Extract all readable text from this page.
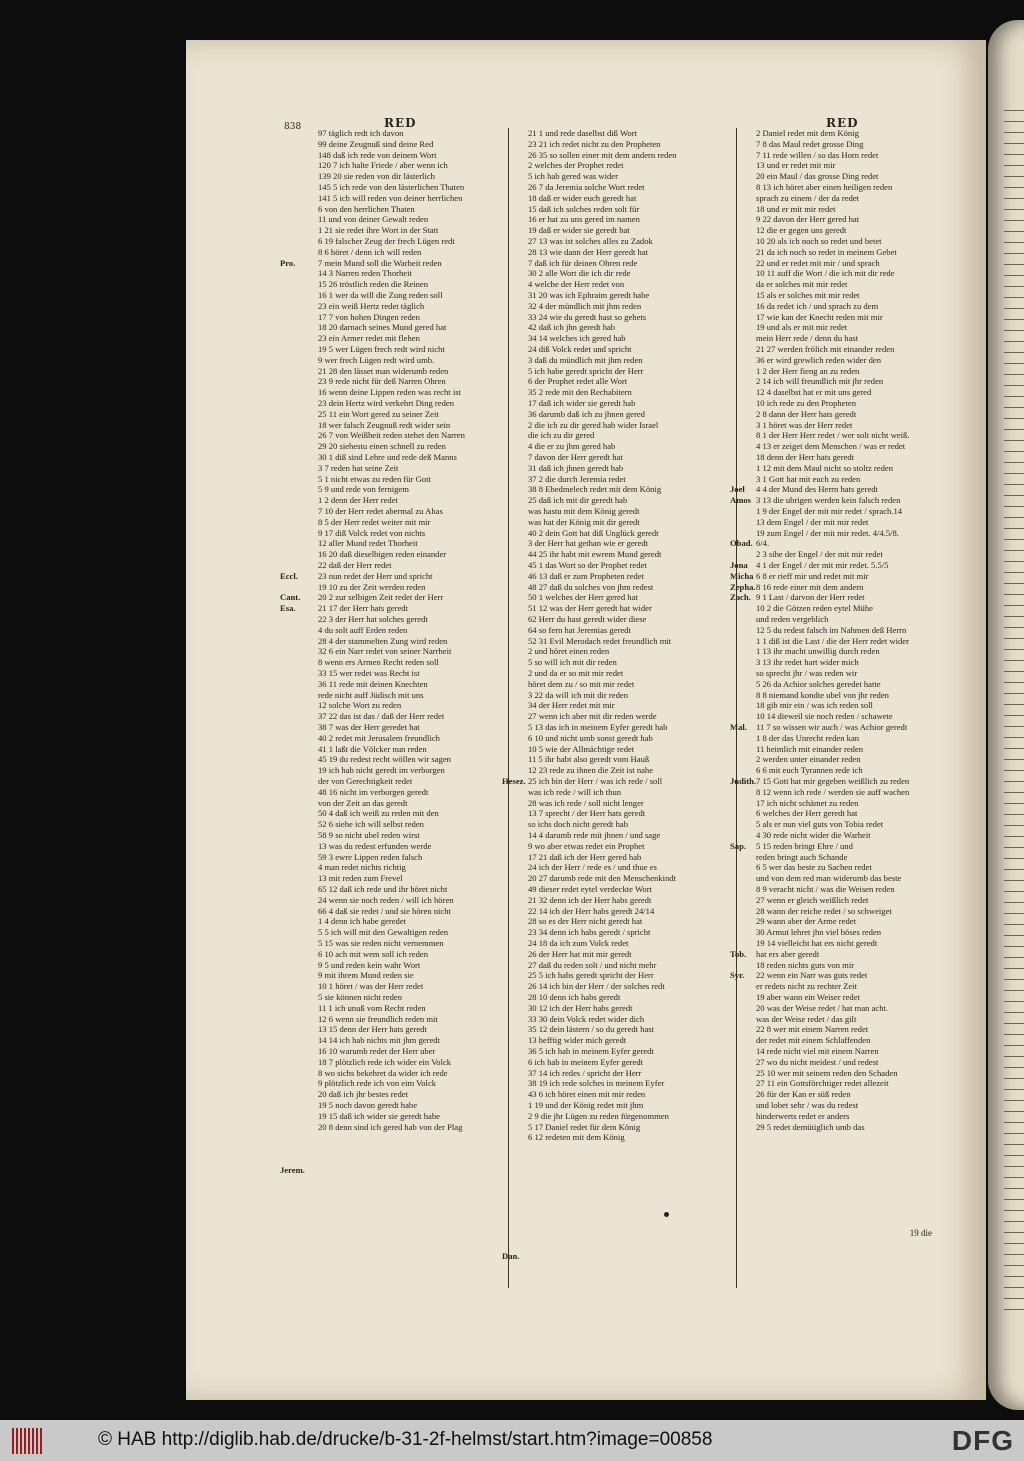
838	RED	RED
97 täglich redt ich davon
99 deine Zeugnuß sind deine Red
148 daß ich rede von deinem Wort
120 7 ich halte Friede / aber wenn ich
139 20 sie reden von dir lästerlich
145 5 ich rede von den lästerlichen Thaten
141 5 ich will reden von deiner herrlichen
6 von den herrlichen Thaten
11 und von deiner Gewalt reden
1 21 sie redet ihre Wort in der Statt
6 19 falscher Zeug der frech Lügen redt
8 6 höret / denn ich will reden
7 mein Mund soll die Warheit reden
14 3 Narren reden Thorheit
15 26 tröstlich reden die Reinen
16 1 wer da will die Zung reden soll
23 ein weiß Hertz redet täglich
17 7 von hohen Dingen reden
18 20 darnach seines Mund gered hat
23 ein Armer redet mit flehen
19 5 wer Lügen frech redt wird nicht
9 wer frech Lügen redt wird umb.
21 28 den lässet man widerumb reden
23 9 rede nicht für deß Narren Ohren
16 wenn deine Lippen reden was recht ist
23 dein Hertz wird verkehrt Ding reden
25 11 ein Wort gered zu seiner Zeit
18 wer falsch Zeugnuß redt wider sein
26 7 von Weißheit reden stehet den Narren
29 20 siehestu einen schnell zu reden
30 1 diß sind Lehre und rede deß Manns
3 7 reden hat seine Zeit
5 1 nicht etwas zu reden für Gott
5 9 und rede von fernigem
1 2 denn der Herr redet
7 10 der Herr redet abermal zu Ahas
8 5 der Herr redet weiter mit mir
9 17 diß Volck redet von nichts
12 aller Mund redet Thorheit
16 20 daß dieselbigen reden einander
22 daß der Herr redet
23 nun redet der Herr und spricht
19 10 zu der Zeit werden reden
20 2 zur selbigen Zeit redet der Herr
21 17 der Herr hats geredt
22 3 der Herr hat solches geredt
4 du solt auff Erden reden
28 4 der stammelten Zung wird reden
32 6 ein Narr redet von seiner Narrheit
8 wenn ers Armen Recht reden soll
33 15 wer redet was Recht ist
36 11 rede mit deinen Knechten
rede nicht auff Jüdisch mit uns
12 solche Wort zu reden
37 22 das ist das / daß der Herr redet
38 7 was der Herr geredet hat
40 2 redet mit Jerusalem freundlich
41 1 laßt die Völcker nun reden
45 19 du redest recht wöllen wir sagen
19 ich hab nicht geredt im verborgen
der von Gerechtigkeit redet
48 16 nicht im verborgen geredt
von der Zeit an das geredt
50 4 daß ich weiß zu reden mit den
52 6 siehe ich will selbst reden
58 9 so nicht ubel reden wirst
13 was du redest erfunden werde
59 3 ewre Lippen reden falsch
4 man redet nichts richtig
13 mit reden zum Frevel
65 12 daß ich rede und ihr höret nicht
24 wenn sie noch reden / will ich hören
66 4 daß sie redet / und sie hören nicht
1 4 denn ich habe geredet
5 5 ich will mit den Gewaltigen reden
5 15 was sie reden nicht vernemmen
6 10 ach mit wem soll ich reden
9 5 und reden kein wahr Wort
9 mit ihrem Mund reden sie
10 1 höret / was der Herr redet
5 sie können nicht reden
11 1 ich unuß vom Recht reden
12 6 wenn sie freundlich reden mit
13 15 denn der Herr hats geredt
14 14 ich hab nichts mit jhm geredt
16 10 warumb redet der Herr uber
18 7 plötzlich rede ich wider ein Volck
8 wo sichs bekehret da wider ich rede
9 plötzlich rede ich von eim Volck
20 daß ich jhr bestes redet
19 5 noch davon geredt habe
19 15 daß ich wider sie geredt habe
20 8 denn sind ich gered hab von der Plag
Pro.
Eccl.
Cant.
Esa.
Jerem.
21 1 und rede daselbst diß Wort
23 21 ich redet nicht zu den Propheten
26 35 so sollen einer mit dem andern reden
2 welches der Prophet redet
5 ich hab gered was wider
26 7 da Jeremia solche Wort redet
18 daß er wider euch geredt hat
15 daß ich solches reden solt für
16 er hat zu uns gered im namen
19 daß er wider sie geredt hat
27 13 was ist solches alles zu Zadok
28 13 wie dann der Herr geredt hat
7 daß ich für deinen Ohren rede
30 2 alle Wort die ich dir rede
4 welche der Herr redet von
31 20 was ich Ephraim geredt habe
32 4 der mündlich mit jhm reden
33 24 wie du geredt hast so gehets
42 daß ich jhn geredt hab
34 14 welches ich gered hab
24 diß Volck redet und spricht
3 daß du mündlich mit jhm reden
5 ich habe geredt spricht der Herr
6 der Prophet redet alle Wort
35 2 rede mit den Rechabitern
17 daß ich wider sie geredt hab
36 darumb daß ich zu jhnen gered
2 die ich zu dir gered hab wider Israel
die ich zu dir gered
4 die er zu jhm gered hab
7 davon der Herr geredt hat
31 daß ich jhnen geredt hab
37 2 die durch Jeremia redet
38 8 Ebedmelech redet mit dem König
25 daß ich mit dir geredt hab
was hastu mit dem König geredt
was hat der König mit dir geredt
40 2 dein Gott hat diß Unglück geredt
3 der Herr hat gethan wie er geredt
44 25 ihr habt mit ewrem Mund geredt
45 1 das Wort so der Prophet redet
46 13 daß er zum Propheten redet
48 27 daß du solches von jhm redest
50 1 welches der Herr gered hat
51 12 was der Herr geredt hat wider
62 Herr du hast geredt wider diese
64 so fern hat Jeremias geredt
52 31 Evil Merodach redet freundlich mit
2 und höret einen reden
5 so will ich mit dir reden
2 und da er so mit mir redet
höret dem zu / so mit mir redet
3 22 da will ich mit dir reden
34 der Herr redet mit mir
27 wenn ich aber mit dir reden werde
5 13 das ich in meinem Eyfer geredt hab
6 10 und nicht umb sonst geredt hab
10 5 wie der Allmächtige redet
11 5 ihr habt also geredt vom Hauß
12 23 rede zu ihnen die Zeit ist nahe
25 ich bin der Herr / was ich rede / soll
was ich rede / will ich thun
28 was ich rede / soll nicht lenger
13 7 sprecht / der Herr hats geredt
so ichs doch nicht geredt hab
14 4 darumb rede mit jhnen / und sage
9 wo aber etwas redet ein Prophet
17 21 daß ich der Herr gered hab
24 ich der Herr / rede es / und thue es
20 27 darumb rede mit den Menschenkindt
49 dieser redet eytel verdeckte Wort
21 32 denn ich der Herr habs geredt
22 14 ich der Herr habs geredt 24/14
28 so es der Herr nicht geredt hat
23 34 denn ich habs geredt / spricht
24 18 da ich zum Volck redet
26 der Herr hat mit mir geredt
27 daß du reden solt / und nicht mehr
25 5 ich habs geredt spricht der Herr
26 14 ich bin der Herr / der solches redt
28 10 denn ich habs geredt
30 12 ich der Herr habs geredt
33 30 dein Volck redet wider dich
35 12 dein lästern / so du geredt hast
13 hefftig wider mich geredt
36 5 ich hab in meinem Eyfer geredt
6 ich hab in meinem Eyfer geredt
37 14 ich redes / spricht der Herr
38 19 ich rede solches in meinem Eyfer
43 6 ich höret einen mit mir reden
1 19 und der König redet mit jhm
2 9 die jhr Lügen zu reden fürgenommen
5 17 Daniel redet für dem König
6 12 redeten mit dem König
Hesez.
Dan.
2 Daniel redet mit dem König
7 8 das Maul redet grosse Ding
7 11 rede willen / so das Horn redet
13 und er redet mit mir
20 ein Maul / das grosse Ding redet
8 13 ich höret aber einen heiligen reden
sprach zu einem / der da redet
18 und er mit mir redet
9 22 davon der Herr gered hat
12 die er gegen uns geredt
10 20 als ich noch so redet und betet
21 da ich noch so redet in meinem Gebet
22 und er redet mit mir / und sprach
10 11 auff die Wort / die ich mit dir rede
da er solches mit mir redet
15 als er solches mit mir redet
16 da redet ich / und sprach zu dem
17 wie kan der Knecht reden mit mir
19 und als er mit mir redet
mein Herr rede / denn du hast
21 27 werden frölich mit einander reden
36 er wird grewlich reden wider den
1 2 der Herr fieng an zu reden
2 14 ich will freundlich mit jhr reden
12 4 daselbst hat er mit uns gered
10 ich rede zu den Propheten
2 8 dann der Herr hats geredt
3 1 höret was der Herr redet
8 1 der Herr Herr redet / wer solt nicht weiß.
4 13 er zeiget dem Menschen / was er redet
18 denn der Herr hats geredt
1 12 mit dem Maul nicht so stoltz reden
3 1 Gott hat mit euch zu reden
4 4 der Mund des Herrn hats geredt
3 13 die ubrigen werden kein falsch reden
1 9 der Engel der mit mir redet / sprach.14
13 dem Engel / der mit mir redet
19 zum Engel / der mit mir redet. 4/4.5/8.
6/4.
2 3 sihe der Engel / der mit mir redet
4 1 der Engel / der mit mir redet. 5.5/5
6 8 er rieff mir und redet mit mir
8 16 rede einer mit dem andern
9 1 Last / darvon der Herr redet
10 2 die Götzen reden eytel Mühe
und reden vergeblich
12 5 du redest falsch im Nahmen deß Herrn
1 1 diß ist die Last / die der Herr redet wider
1 13 ihr macht unwillig durch reden
3 13 ihr redet hart wider mich
so sprecht jhr / was reden wir
5 26 da Achior solches geredet hatte
8 8 niemand kondte ubel von jhr reden
18 gib mir ein / was ich reden soll
10 14 dieweil sie noch reden / schawete
11 7 so wissen wir auch / was Achior geredt
1 8 der das Unrecht reden kan
11 heimlich mit einander reden
2 werden unter einander reden
6 6 mit euch Tyrannen rede ich
7 15 Gott hat mir gegeben weißlich zu reden
8 12 wenn ich rede / werden sie auff wachen
17 ich nicht schämet zu reden
6 welches der Herr geredt hat
5 als er nun viel guts von Tobia redet
4 30 rede nicht wider die Warheit
5 15 reden bringt Ehre / und
reden bringt auch Schande
6 5 wer das beste zu Sachen redet
und von dem red man widerumb das beste
8 9 veracht nicht / was die Weisen reden
27 wenn er gleich weißlich redet
28 wann der reiche redet / so schweiget
29 wann aber der Arme redet
30 Armut lehret jhn viel böses reden
19 14 vielleicht hat ers nicht geredt
hat ers aber geredt
18 reden nichts guts von mir
22 wenn ein Narr was guts redet
er redets nicht zu rechter Zeit
19 aber wann ein Weiser redet
20 was der Weise redet / hat man acht.
was der Weise redet / das gilt
22 8 wer mit einem Narren redet
der redet mit einem Schlaffenden
14 rede nicht viel mit einem Narren
27 wo du nicht meidest / und redest
25 10 wer mit seinem reden den Schaden
27 11 ein Gottsförchtiger redet allezeit
26 für der Kan er süß reden
und lobet sehr / was du redest
hinderwerts redet er anders
29 5 redet demütiglich umb das
Joel
Amos
Obad.
Jona
Micha
Zepha.
Zach.
Mal.
Judith.
Sap.
Tob.
Syr.
19 die
© HAB http://diglib.hab.de/drucke/b-31-2f-helmst/start.htm?image=00858	DFG
